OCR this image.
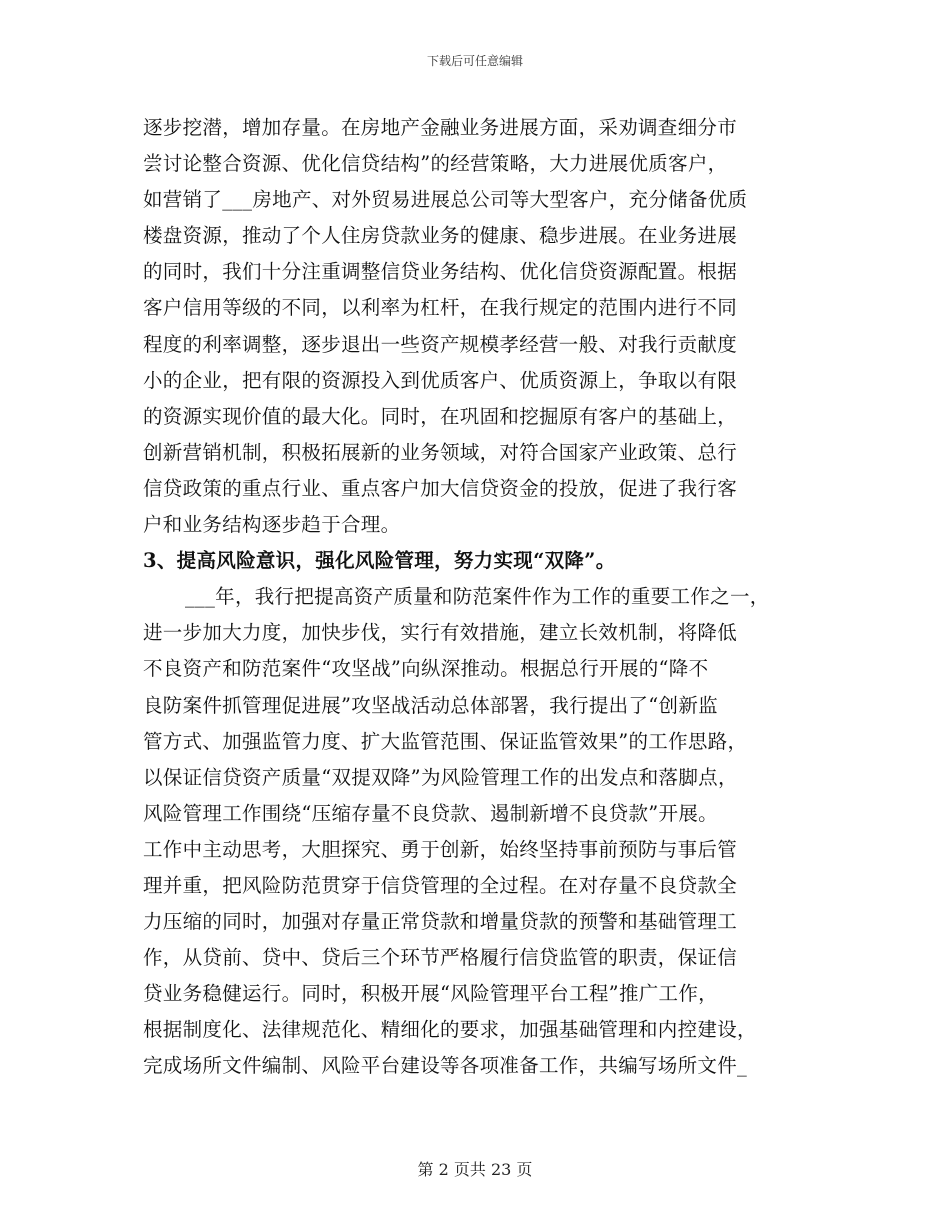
下载后可任意编辑
逐步挖潜，增加存量。在房地产金融业务进展方面，采劝调查细分市
尝讨论整合资源、优化信贷结构”的经营策略，大力进展优质客户，
如营销了___房地产、对外贸易进展总公司等大型客户，充分储备优质
楼盘资源，推动了个人住房贷款业务的健康、稳步进展。在业务进展
的同时，我们十分注重调整信贷业务结构、优化信贷资源配置。根据
客户信用等级的不同，以利率为杠杆，在我行规定的范围内进行不同
程度的利率调整，逐步退出一些资产规模孝经营一般、对我行贡献度
小的企业，把有限的资源投入到优质客户、优质资源上，争取以有限
的资源实现价值的最大化。同时，在巩固和挖掘原有客户的基础上，
创新营销机制，积极拓展新的业务领域，对符合国家产业政策、总行
信贷政策的重点行业、重点客户加大信贷资金的投放，促进了我行客
户和业务结构逐步趋于合理。
3、提高风险意识，强化风险管理，努力实现“双降”。
___年，我行把提高资产质量和防范案件作为工作的重要工作之一，
进一步加大力度，加快步伐，实行有效措施，建立长效机制，将降低
不良资产和防范案件“攻坚战”向纵深推动。根据总行开展的“降不
良防案件抓管理促进展”攻坚战活动总体部署，我行提出了“创新监
管方式、加强监管力度、扩大监管范围、保证监管效果”的工作思路，
以保证信贷资产质量“双提双降”为风险管理工作的出发点和落脚点，
风险管理工作围绕“压缩存量不良贷款、遏制新增不良贷款”开展。
工作中主动思考，大胆探究、勇于创新，始终坚持事前预防与事后管
理并重，把风险防范贯穿于信贷管理的全过程。在对存量不良贷款全
力压缩的同时，加强对存量正常贷款和增量贷款的预警和基础管理工
作，从贷前、贷中、贷后三个环节严格履行信贷监管的职责，保证信
贷业务稳健运行。同时，积极开展“风险管理平台工程”推广工作，
根据制度化、法律规范化、精细化的要求，加强基础管理和内控建设，
完成场所文件编制、风险平台建设等各项准备工作，共编写场所文件_
第 2 页共 23 页
